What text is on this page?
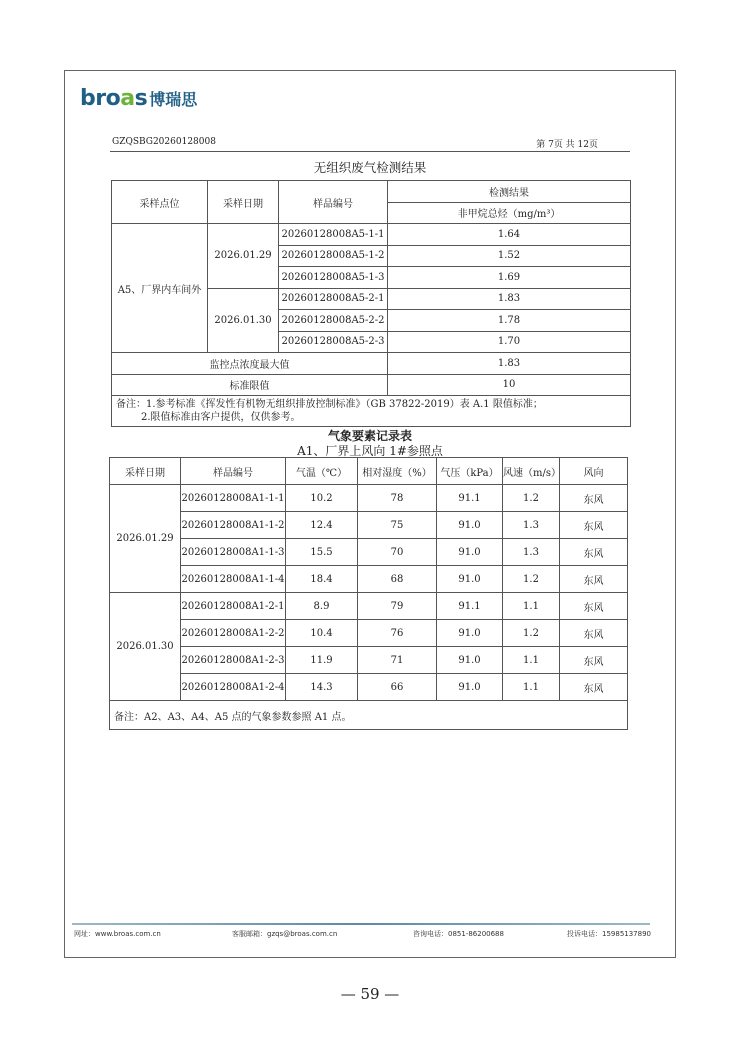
broas 博瑞思
GZQSBG20260128008	第 7页 共 12页
无组织废气检测结果
采样点位	采样日期	样品编号	检测结果
			非甲烷总烃（mg/m³）
A5、厂界内车间外	2026.01.29	20260128008A5-1-1	1.64
		20260128008A5-1-2	1.52
		20260128008A5-1-3	1.69
	2026.01.30	20260128008A5-2-1	1.83
		20260128008A5-2-2	1.78
		20260128008A5-2-3	1.70
监控点浓度最大值			1.83
标准限值			10

备注：1.参考标准《挥发性有机物无组织排放控制标准》（GB 37822-2019）表 A.1 限值标准；
2.限值标准由客户提供，仅供参考。			
气象要素记录表
A1、厂界上风向 1#参照点
采样日期	样品编号	气温（℃）	相对湿度（%）	气压（kPa）	风速（m/s）	风向
2026.01.29	20260128008A1-1-1	10.2	78	91.1	1.2	东风
	20260128008A1-1-2	12.4	75	91.0	1.3	东风
	20260128008A1-1-3	15.5	70	91.0	1.3	东风
	20260128008A1-1-4	18.4	68	91.0	1.2	东风
2026.01.30	20260128008A1-2-1	8.9	79	91.1	1.1	东风
	20260128008A1-2-2	10.4	76	91.0	1.2	东风
	20260128008A1-2-3	11.9	71	91.0	1.1	东风
	20260128008A1-2-4	14.3	66	91.0	1.1	东风
备注：A2、A3、A4、A5 点的气象参数参照 A1 点。						
网址：www.broas.com.cn	客服邮箱：gzqs@broas.com.cn	咨询电话：0851-86200688	投诉电话：15985137890
— 59 —
